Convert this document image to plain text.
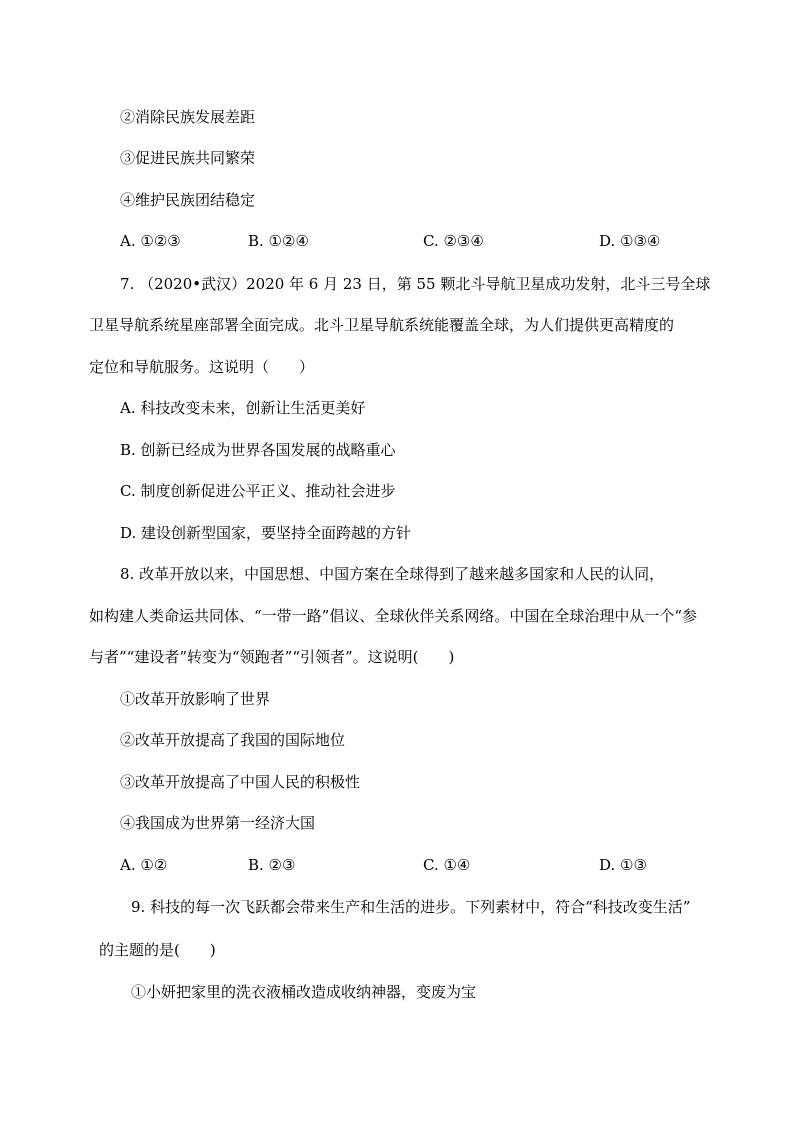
②消除民族发展差距
③促进民族共同繁荣
④维护民族团结稳定
A. ①②③	B. ①②④	C. ②③④	D. ①③④
7. （2020•武汉）2020 年 6 月 23 日，第 55 颗北斗导航卫星成功发射，北斗三号全球
卫星导航系统星座部署全面完成。北斗卫星导航系统能覆盖全球，为人们提供更高精度的
定位和导航服务。这说明（　　）
A. 科技改变未来，创新让生活更美好
B. 创新已经成为世界各国发展的战略重心
C. 制度创新促进公平正义、推动社会进步
D. 建设创新型国家，要坚持全面跨越的方针
8. 改革开放以来，中国思想、中国方案在全球得到了越来越多国家和人民的认同，
如构建人类命运共同体、“一带一路”倡议、全球伙伴关系网络。中国在全球治理中从一个“参
与者”“建设者”转变为“领跑者”“引领者”。这说明(　　)
①改革开放影响了世界
②改革开放提高了我国的国际地位
③改革开放提高了中国人民的积极性
④我国成为世界第一经济大国
A. ①②	B. ②③	C. ①④	D. ①③
9. 科技的每一次飞跃都会带来生产和生活的进步。下列素材中，符合“科技改变生活”
的主题的是(　　)
①小妍把家里的洗衣液桶改造成收纳神器，变废为宝
